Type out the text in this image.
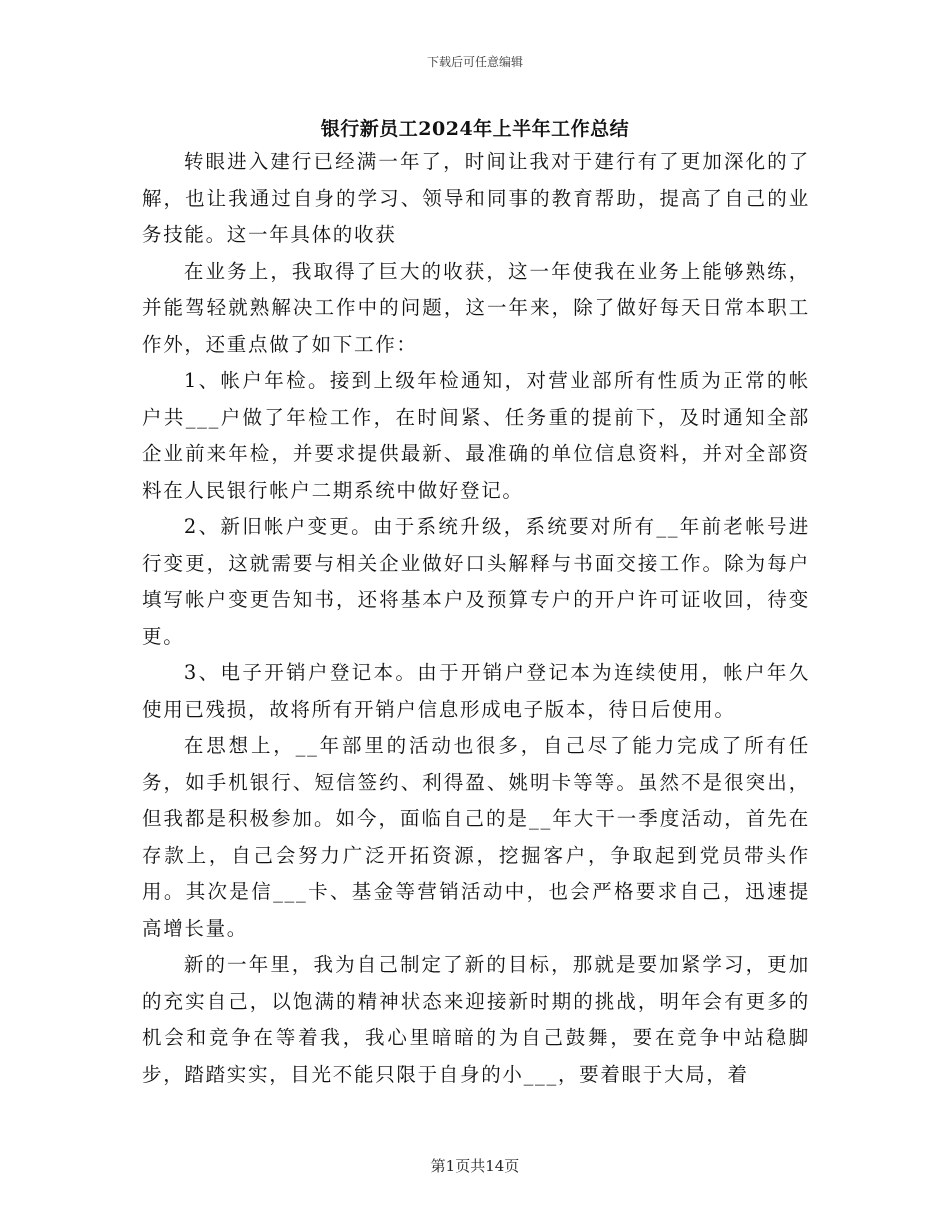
下载后可任意编辑
银行新员工2024年上半年工作总结

转眼进入建行已经满一年了，时间让我对于建行有了更加深化的了解，也让我通过自身的学习、领导和同事的教育帮助，提高了自己的业务技能。这一年具体的收获

在业务上，我取得了巨大的收获，这一年使我在业务上能够熟练，并能驾轻就熟解决工作中的问题，这一年来，除了做好每天日常本职工作外，还重点做了如下工作：

1、帐户年检。接到上级年检通知，对营业部所有性质为正常的帐户共___户做了年检工作，在时间紧、任务重的提前下，及时通知全部企业前来年检，并要求提供最新、最准确的单位信息资料，并对全部资料在人民银行帐户二期系统中做好登记。

2、新旧帐户变更。由于系统升级，系统要对所有__年前老帐号进行变更，这就需要与相关企业做好口头解释与书面交接工作。除为每户填写帐户变更告知书，还将基本户及预算专户的开户许可证收回，待变更。

3、电子开销户登记本。由于开销户登记本为连续使用，帐户年久使用已残损，故将所有开销户信息形成电子版本，待日后使用。

在思想上，__年部里的活动也很多，自己尽了能力完成了所有任务，如手机银行、短信签约、利得盈、姚明卡等等。虽然不是很突出，但我都是积极参加。如今，面临自己的是__年大干一季度活动，首先在存款上，自己会努力广泛开拓资源，挖掘客户，争取起到党员带头作用。其次是信___卡、基金等营销活动中，也会严格要求自己，迅速提高增长量。

新的一年里，我为自己制定了新的目标，那就是要加紧学习，更加的充实自己，以饱满的精神状态来迎接新时期的挑战，明年会有更多的机会和竞争在等着我，我心里暗暗的为自己鼓舞，要在竞争中站稳脚步，踏踏实实，目光不能只限于自身的小___，要着眼于大局，着

第1页共14页
